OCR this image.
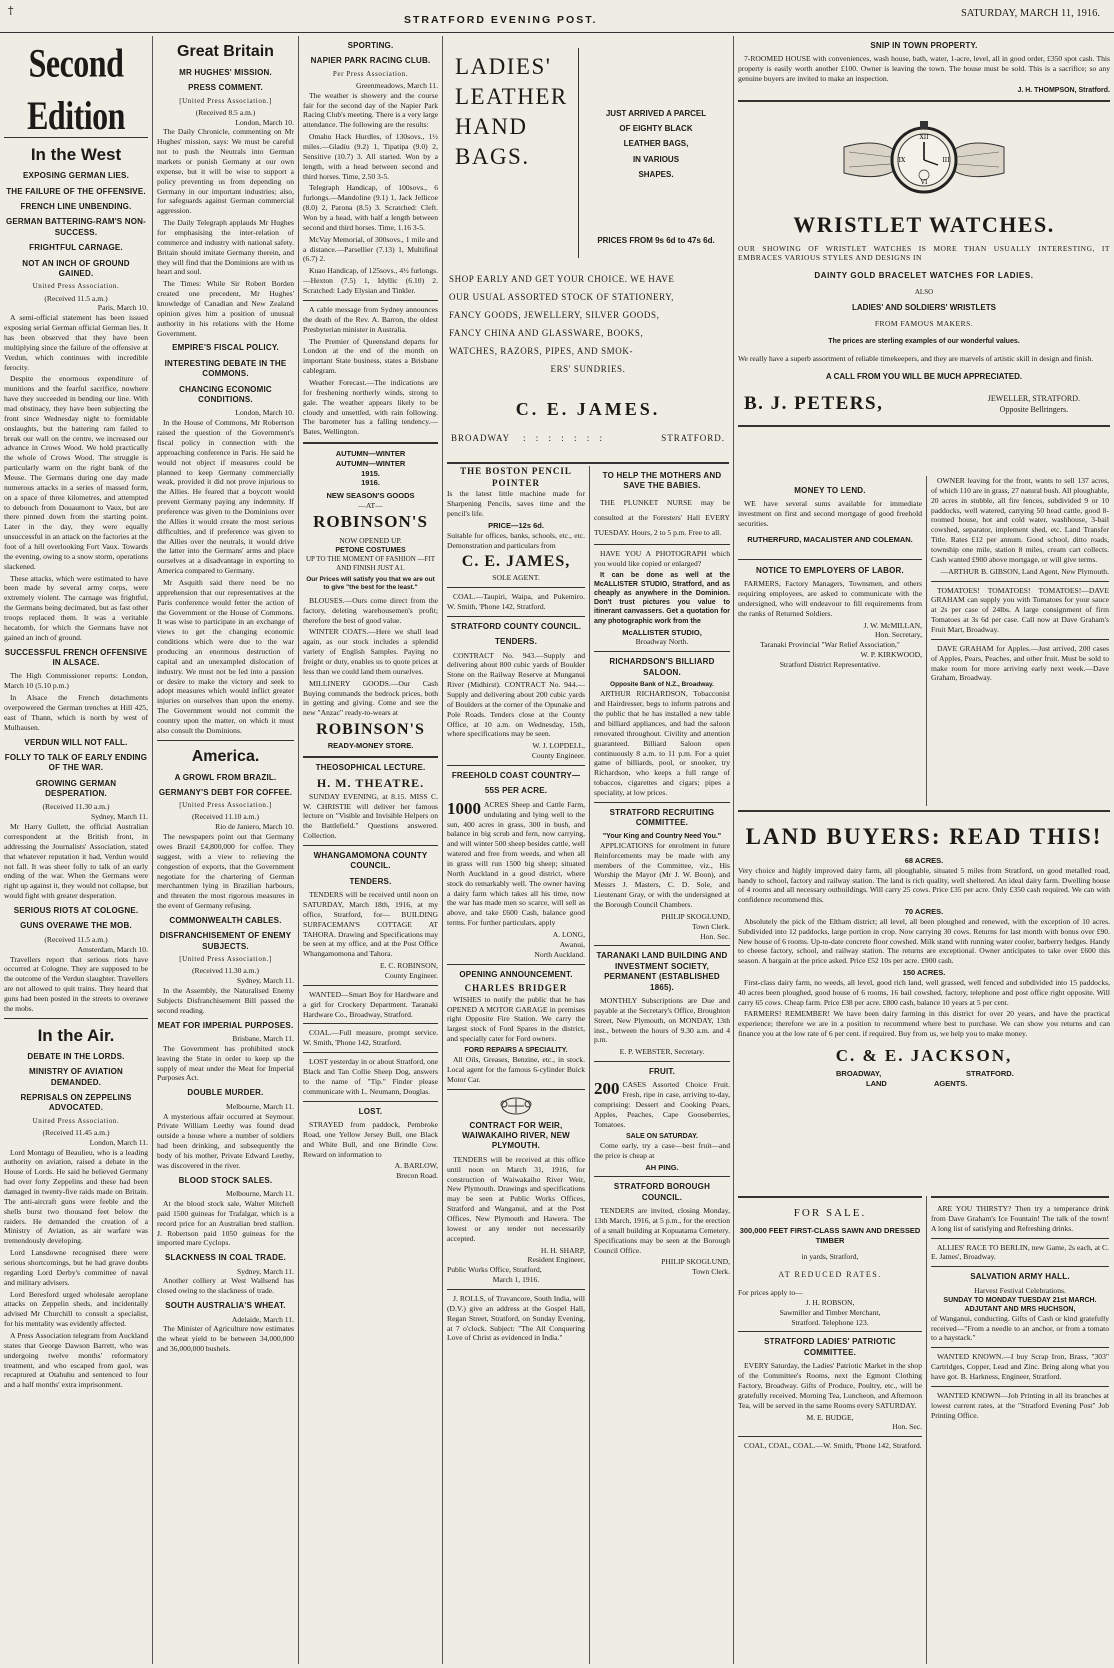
†
STRATFORD EVENING POST.
SATURDAY, MARCH 11, 1916.
Second Edition
In the West
EXPOSING GERMAN LIES.
THE FAILURE OF THE OFFENSIVE.
FRENCH LINE UNBENDING.
GERMAN BATTERING-RAM'S NON-SUCCESS.
FRIGHTFUL CARNAGE.
NOT AN INCH OF GROUND GAINED.
United Press Association.
(Received 11.5 a.m.)
Paris, March 10.

A semi-official statement has been issued exposing serial German official German lies. It has been observed that they have been multiplying since the failure of the offensive at Verdun, which continues with incredible ferocity.

Despite the enormous expenditure of munitions and the fearful sacrifice, nowhere have they succeeded in bending our line. With mad obstinacy, they have been subjecting the front since Wednesday night to formidable onslaughts, but the battering ram failed to break our wall on the centre, we increased our advance in Crows Wood. We hold practically the whole of Crows Wood. The struggle is particularly warm on the right bank of the Meuse. The Germans during one day made numerous attacks in a series of massed form, on a space of three kilometres, and attempted to debouch from Douaumont to Vaux, but are there pinned down from the starting point. Later in the day, they were equally unsuccessful in an attack on the factories at the foot of a hill overlooking Fort Vaux. Towards the evening, owing to a snow storm, operations slackened.

These attacks, which were estimated to have been made by several army corps, were extremely violent. The carnage was frightful, the Germans being decimated, but as fast other troops replaced them. It was a veritable hecatomb, for which the Germans have not gained an inch of ground.

SUCCESSFUL FRENCH OFFENSIVE IN ALSACE.

The High Commissioner reports: London, March 10 (5.10 p.m.)

In Alsace the French detachments overpowered the German trenches at Hill 425, east of Thann, which is north by west of Mulhausen.

VERDUN WILL NOT FALL.
FOLLY TO TALK OF EARLY ENDING OF THE WAR.
GROWING GERMAN DESPERATION.
(Received 11.30 a.m.)
Sydney, March 11.

Mr Harry Gullett, the official Australian correspondent at the British front, in addressing the Journalists' Association, stated that whatever reputation it had, Verdun would not fall. It was sheer folly to talk of an early ending of the war. When the Germans were right up against it, they would not collapse, but would fight with greater desperation.

SERIOUS RIOTS AT COLOGNE.
GUNS OVERAWE THE MOB.
(Received 11.5 a.m.)
Amsterdam, March 10.

Travellers report that serious riots have occurred at Cologne. They are supposed to be the outcome of the Verdun slaughter. Travellers are not allowed to quit trains. They heard that guns had been posted in the streets to overawe the mobs.

In the Air.
DEBATE IN THE LORDS.
MINISTRY OF AVIATION DEMANDED.
REPRISALS ON ZEPPELINS ADVOCATED.
United Press Association.
(Received 11.45 a.m.)
London, March 11.

Lord Montagu of Beaulieu, who is a leading authority on aviation, raised a debate in the House of Lords. He said he believed Germany had over forty Zeppelins and these had been damaged in twenty-five raids made on Britain. The anti-aircraft guns were feeble and the shells burst two thousand feet below the raiders. He demanded the creation of a Ministry of Aviation, as air warfare was tremendously developing.

Lord Lansdowne recognised there were serious shortcomings, but he had grave doubts regarding Lord Derby's committee of naval and military advisers.

Lord Beresford urged wholesale aeroplane attacks on Zeppelin sheds, and incidentally advised Mr Churchill to consult a specialist, for his mentality was evidently affected.

A Press Association telegram from Auckland states that George Dawson Barrett, who was undergoing twelve months' reformatory treatment, and who escaped from gaol, was recaptured at Otahuhu and sentenced to four and a half months' extra imprisonment.

Great Britain
MR HUGHES' MISSION.
PRESS COMMENT.
[United Press Association.]
(Received 8.5 a.m.)
London, March 10.

The Daily Chronicle, commenting on Mr Hughes' mission, says: We must be careful not to push the Neutrals into German markets or punish Germany at our own expense, but it will be wise to support a policy preventing us from depending on Germany in our important industries; also, for safeguards against German commercial aggression.

The Daily Telegraph applauds Mr Hughes for emphasising the inter-relation of commerce and industry with national safety. Britain should imitate Germany therein, and they will find that the Dominions are with us heart and soul.

The Times: While Sir Robert Borden created one precedent, Mr Hughes' knowledge of Canadian and New Zealand opinion gives him a position of unusual authority in his relations with the Home Government.

EMPIRE'S FISCAL POLICY.
INTERESTING DEBATE IN THE COMMONS.
CHANCING ECONOMIC CONDITIONS.
London, March 10.

In the House of Commons, Mr Robertson raised the question of the Government's fiscal policy in connection with the approaching conference in Paris. He said he would not object if measures could be planned to keep Germany commercially weak, provided it did not prove injurious to the Allies. He feared that a boycott would prevent Germany paying any indemnity. If preference was given to the Dominions over the Allies it would create the most serious difficulties, and if preference was given to the Allies over the neutrals, it would drive the latter into the Germans' arms and place ourselves at a disadvantage in exporting to America compared to Germany.

Mr Asquith said there need be no apprehension that our representatives at the Paris conference would fetter the action of the Government or the House of Commons. It was wise to participate in an exchange of views to get the changing economic conditions which were due to the war producing an enormous destruction of capital and an unexampled dislocation of industry. We must not be led into a passion or desire to make the victory and seek to adopt measures which would inflict greater injuries on ourselves than upon the enemy. The Government would not commit the country upon the matter, on which it must also consult the Dominions.

America.
A GROWL FROM BRAZIL.
GERMANY'S DEBT FOR COFFEE.
[United Press Association.]
(Received 11.10 a.m.)
Rio de Janiero, March 10.

The newspapers point out that Germany owes Brazil £4,800,000 for coffee. They suggest, with a view to relieving the congestion of exports, that the Government negotiate for the chartering of German merchantmen lying in Brazilian harbours, and threaten the most rigorous measures in the event of Germany refusing.

COMMONWEALTH CABLES.
DISFRANCHISEMENT OF ENEMY SUBJECTS.
[United Press Association.]
(Received 11.30 a.m.)
Sydney, March 11.

In the Assembly, the Naturalised Enemy Subjects Disfranchisement Bill passed the second reading.

MEAT FOR IMPERIAL PURPOSES.
Brisbane, March 11.

The Government has prohibited stock leaving the State in order to keep up the supply of meat under the Meat for Imperial Purposes Act.

DOUBLE MURDER.
Melbourne, March 11.

A mysterious affair occurred at Seymour. Private William Leethy was found dead outside a house where a number of soldiers had been drinking, and subsequently the body of his mother, Private Edward Leethy, was discovered in the river.

BLOOD STOCK SALES.
Melbourne, March 11.

At the blood stock sale, Walter Mitchell paid 1500 guineas for Trafalgar, which is a record price for an Australian bred stallion. J. Robertson paid 1050 guineas for the imported mare Cyclops.

SLACKNESS IN COAL TRADE.
Sydney, March 11.

Another colliery at West Wallsend has closed owing to the slackness of trade.

SOUTH AUSTRALIA'S WHEAT.
Adelaide, March 11.

The Minister of Agriculture now estimates the wheat yield to be between 34,000,000 and 36,000,000 bushels.

SPORTING.
NAPIER PARK RACING CLUB.
Per Press Association.
Greenmeadows, March 11.

The weather is showery and the course fair for the second day of the Napier Park Racing Club's meeting. There is a very large attendance. The following are the results:

Omahu Hack Hurdles, of 130sovs., 1½ miles.—Gladiu (9.2) 1, Tipatipa (9.0) 2, Sensitive (10.7) 3. All started. Won by a length, with a head between second and third horses. Time, 2.50 3-5.

Telegraph Handicap, of 100sovs., 6 furlongs.—Mandoline (9.1) 1, Jack Jellicoe (8.0) 2, Parona (8.5) 3. Scratched: Cleft. Won by a head, with half a length between second and third horses. Time, 1.16 3-5.

McVay Memorial, of 300sovs., 1 mile and a distance.—Parsellier (7.13) 1, Multifinal (6.7) 2.

Kuao Handicap, of 125sovs., 4½ furlongs.—Hexton (7.5) 1, Idyllic (6.10) 2. Scratched: Lady Elysian and Tinkler.

A cable message from Sydney announces the death of the Rev. A. Barron, the oldest Presbyterian minister in Australia.

The Premier of Queensland departs for London at the end of the month on important State business, states a Brisbane cablegram.

Weather Forecast.—The indications are for freshening northerly winds, strong to gale. The weather appears likely to be cloudy and unsettled, with rain following. The barometer has a falling tendency.—Bates, Wellington.

AUTUMN—WINTER
AUTUMN—WINTER
1915.
1916.
NEW SEASON'S GOODS
—AT—
ROBINSON'S
NOW OPENED UP.
PETONE COSTUMES
UP TO THE MOMENT OF FASHION —FIT AND FINISH JUST A1.
Our Prices will satisfy you that we are out to give "the best for the least."

BLOUSES.—Ours come direct from the factory, deleting warehousemen's profit; therefore the best of good value.

WINTER COATS.—Here we shall lead again, as our stock includes a splendid variety of English Samples. Paying no freight or duty, enables us to quote prices at less than we could land them ourselves.

MILLINERY GOODS.—Our Cash Buying commands the bedrock prices, both in getting and giving. Come and see the new "Anzac" ready-to-wears at

ROBINSON'S
READY-MONEY STORE.
THEOSOPHICAL LECTURE.
H. M. THEATRE.

SUNDAY EVENING, at 8.15. MISS C. W. CHRISTIE will deliver her famous lecture on "Visible and Invisible Helpers on the Battlefield." Questions answered. Collection.

WHANGAMOMONA COUNTY COUNCIL.
TENDERS.

TENDERS will be received until noon on SATURDAY, March 18th, 1916, at my office, Stratford, for— BUILDING SURFACEMAN'S COTTAGE AT TAHORA. Drawing and Specifications may be seen at my office, and at the Post Office Whangamomona and Tahora.

E. C. ROBINSON,
County Engineer.

WANTED—Smart Boy for Hardware and a girl for Crockery Department. Taranaki Hardware Co., Broadway, Stratford.

COAL.—Full measure, prompt service. W. Smith, 'Phone 142, Stratford.

LOST yesterday in or about Stratford, one Black and Tan Collie Sheep Dog, answers to the name of "Tip." Finder please communicate with L. Neumann, Douglas.

LOST.

STRAYED from paddock, Pembroke Road, one Yellow Jersey Bull, one Black and White Bull, and one Brindle Cow. Reward on information to

A. BARLOW,
Brecon Road.
LADIES'
LEATHER
HAND
BAGS.
JUST ARRIVED A PARCEL
OF EIGHTY BLACK
LEATHER BAGS,
IN VARIOUS
SHAPES.
PRICES FROM 9s 6d to 47s 6d.
SHOP EARLY AND GET YOUR CHOICE. WE HAVE
OUR USUAL ASSORTED STOCK OF STATIONERY,
FANCY GOODS, JEWELLERY, SILVER GOODS,
FANCY CHINA AND GLASSWARE, BOOKS,
WATCHES, RAZORS, PIPES, AND SMOK-
ERS' SUNDRIES.
C. E. JAMES.
BROADWAY : : : : : : :	STRATFORD.
THE BOSTON PENCIL
POINTER

Is the latest little machine made for Sharpening Pencils, saves time and the pencil's life.

PRICE—12s 6d.

Suitable for offices, banks, schools, etc., etc. Demonstration and particulars from

C. E. JAMES,
SOLE AGENT.

COAL.—Taupiri, Waipa, and Pukemiro. W. Smith, 'Phone 142, Stratford.

STRATFORD COUNTY COUNCIL.
TENDERS.

CONTRACT No. 943.—Supply and delivering about 800 cubic yards of Boulder Stone on the Railway Reserve at Munganui River (Midhirst). CONTRACT No. 944.—Supply and delivering about 200 cubic yards of Boulders at the corner of the Opunake and Pole Roads. Tenders close at the County Office, at 10 a.m. on Wednesday, 15th, where specifications may be seen.

W. J. LOPDELL,
County Engineer.
FREEHOLD COAST COUNTRY—
55S PER ACRE.

1000 ACRES Sheep and Cattle Farm, undulating and lying well to the sun, 400 acres in grass, 300 in bush, and balance in big scrub and fern, now carrying, and will winter 500 sheep besides cattle, well watered and free from weeds, and when all in grass will run 1500 big sheep; situated North Auckland in a good district, where stock do remarkably well. The owner having a dairy farm which takes all his time, now the war has made men so scarce, will sell as above, and take £600 Cash, balance good terms. For further particulars, apply

A. LONG,
Awanui,
North Auckland.
OPENING ANNOUNCEMENT.
CHARLES BRIDGER

WISHES to notify the public that he has OPENED A MOTOR GARAGE in premises right Opposite Fire Station. We carry the largest stock of Ford Spares in the district, and specially cater for Ford owners.

FORD REPAIRS A SPECIALITY.

All Oils, Greases, Benzine, etc., in stock. Local agent for the famous 6-cylinder Buick Motor Car.

CONTRACT FOR WEIR, WAIWAKAIHO RIVER, NEW PLYMOUTH.

TENDERS will be received at this office until noon on March 31, 1916, for construction of Waiwakaiho River Weir, New Plymouth. Drawings and specifications may be seen at Public Works Offices, Stratford and Wanganui, and at the Post Offices, New Plymouth and Hawera. The lowest or any tender not necessarily accepted.

H. H. SHARP,
Resident Engineer,
Public Works Office, Stratford,
March 1, 1916.

J. ROLLS, of Travancore, South India, will (D.V.) give an address at the Gospel Hall, Regan Street, Stratford, on Sunday Evening, at 7 o'clock. Subject: "The All Conquering Love of Christ as evidenced in India."

TO HELP THE MOTHERS AND SAVE THE BABIES.

THE PLUNKET NURSE may be consulted at the Foresters' Hall EVERY TUESDAY. Hours, 2 to 5 p.m. Free to all.

HAVE YOU A PHOTOGRAPH which you would like copied or enlarged?

It can be done as well at the McALLISTER STUDIO, Stratford, and as cheaply as anywhere in the Dominion. Don't trust pictures you value to itinerant canvassers. Get a quotation for any photographic work from the

McALLISTER STUDIO,
Broadway North.
RICHARDSON'S BILLIARD SALOON.
Opposite Bank of N.Z., Broadway.

ARTHUR RICHARDSON, Tobacconist and Hairdresser, begs to inform patrons and the public that he has installed a new table and billiard appliances, and had the saloon renovated throughout. Civility and attention guaranteed. Billiard Saloon open continuously 8 a.m. to 11 p.m. For a quiet game of billiards, pool, or snooker, try Richardson, who keeps a full range of tobaccos, cigarettes and cigars; pipes a speciality, at low prices.

STRATFORD RECRUITING COMMITTEE.
"Your King and Country Need You."

APPLICATIONS for enrolment in future Reinforcements may be made with any members of the Committee, viz., His Worship the Mayor (Mr J. W. Boon), and Messrs J. Masters, C. D. Sole, and Lieutenant Gray, or with the undersigned at the Borough Council Chambers.

PHILIP SKOGLUND,
Town Clerk.
Hon. Sec.
TARANAKI LAND BUILDING AND INVESTMENT SOCIETY, PERMANENT (ESTABLISHED 1865).

MONTHLY Subscriptions are Due and payable at the Secretary's Office, Broughton Street, New Plymouth, on MONDAY, 13th inst., between the hours of 9.30 a.m. and 4 p.m.

E. P. WEBSTER, Secretary.
FRUIT.

200 CASES Assorted Choice Fruit. Fresh, ripe in case, arriving to-day, comprising: Dessert and Cooking Pears, Apples, Peaches, Cape Gooseberries, Tomatoes.

SALE ON SATURDAY.

Come early, try a case—best fruit—and the price is cheap at

AH PING.
STRATFORD BOROUGH COUNCIL.

TENDERS are invited, closing Monday, 13th March, 1916, at 5 p.m., for the erection of a small building at Kopuatama Cemetery. Specifications may be seen at the Borough Council Office.

PHILIP SKOGLUND,
Town Clerk.
SNIP IN TOWN PROPERTY.

7-ROOMED HOUSE with conveniences, wash house, bath, water, 1-acre, level, all in good order, £350 spot cash. This property is easily worth another £100. Owner is leaving the town. The house must be sold. This is a sacrifice; so any genuine buyers are invited to make an inspection.

J. H. THOMPSON, Stratford.
XII
III
IX
VI
WRISTLET WATCHES.

OUR SHOWING OF WRISTLET WATCHES IS MORE THAN USUALLY INTERESTING, IT EMBRACES VARIOUS STYLES AND DESIGNS IN

DAINTY GOLD BRACELET WATCHES FOR LADIES.
ALSO
LADIES' AND SOLDIERS' WRISTLETS
FROM FAMOUS MAKERS.
The prices are sterling examples of our wonderful values.

We really have a superb assortment of reliable timekeepers, and they are marvels of artistic skill in design and finish.

A CALL FROM YOU WILL BE MUCH APPRECIATED.
B. J. PETERS,	JEWELLER, STRATFORD.
Opposite Bellringers.
MONEY TO LEND.

WE have several sums available for immediate investment on first and second mortgage of good freehold securities.

RUTHERFURD, MACALISTER AND COLEMAN.
NOTICE TO EMPLOYERS OF LABOR.

FARMERS, Factory Managers, Townsmen, and others requiring employees, are asked to communicate with the undersigned, who will endeavour to fill requirements from the ranks of Returned Soldiers.

J. W. McMILLAN,
Hon. Secretary,
Taranaki Provincial "War Relief Association,"
W. P. KIRKWOOD,
Stratford District Representative.

OWNER leaving for the front, wants to sell 137 acres, of which 110 are in grass, 27 natural bush. All ploughable, 20 acres in stubble, all fire fences, subdivided 9 or 10 paddocks, well watered, carrying 50 head cattle, good 8-roomed house, hot and cold water, washhouse, 3-bail cowshed, separator, implement shed, etc. Land Transfer Title. Rates £12 per annum. Good school, ditto roads, township one mile, station 8 miles, cream cart collects. Cash wanted £900 above mortgage, or will give terms.

—ARTHUR B. GIBSON, Land Agent, New Plymouth.

TOMATOES! TOMATOES! TOMATOES!—DAVE GRAHAM can supply you with Tomatoes for your sauce at 2s per case of 24lbs. A large consignment of firm Tomatoes at 3s 6d per case. Call now at Dave Graham's Fruit Mart, Broadway.

DAVE GRAHAM for Apples.—Just arrived, 200 cases of Apples, Pears, Peaches, and other fruit. Must be sold to make room for more arriving early next week.—Dave Graham, Broadway.

LAND BUYERS: READ THIS!
68 ACRES.

Very choice and highly improved dairy farm, all ploughable, situated 5 miles from Stratford, on good metalled road, handy to school, factory and railway station. The land is rich quality, well sheltered. An ideal dairy farm. Dwelling house of 4 rooms and all necessary outbuildings. Will carry 25 cows. Price £35 per acre. Only £350 cash required. We can with confidence recommend this.

70 ACRES.

Absolutely the pick of the Eltham district; all level, all been ploughed and renewed, with the exception of 10 acres. Subdivided into 12 paddocks, large portion in crop. Now carrying 30 cows. Returns for last month with bonus over £90. New house of 6 rooms. Up-to-date concrete floor cowshed. Milk stand with running water cooler, barberry hedges. Handy to cheese factory, school, and railway station. The returns are exceptional. Owner anticipates to take over £600 this season. A bargain at the price asked. Price £52 10s per acre. £900 cash.

150 ACRES.

First-class dairy farm, no weeds, all level, good rich land, well grassed, well fenced and subdivided into 15 paddocks, 40 acres been ploughed, good house of 6 rooms, 16 bail cowshed, factory, telephone and post office right opposite. Will carry 65 cows. Cheap farm. Price £38 per acre. £800 cash, balance 10 years at 5 per cent.

FARMERS! REMEMBER! We have been dairy farming in this district for over 20 years, and have the practical experience; therefore we are in a position to recommend where best to purchase. We can show you returns and can finance you at the low rate of 6 per cent. if required. Buy from us, we help you to make money.

C. & E. JACKSON,
BROADWAY,	STRATFORD.
LAND	AGENTS.
FOR SALE.
300,000 FEET FIRST-CLASS SAWN AND DRESSED TIMBER
in yards, Stratford,
AT REDUCED RATES.
For prices apply to—
J. H. ROBSON,
Sawmiller and Timber Merchant,
Stratford. Telephone 123.
STRATFORD LADIES' PATRIOTIC COMMITTEE.

EVERY Saturday, the Ladies' Patriotic Market in the shop of the Committee's Rooms, next the Egmont Clothing Factory, Broadway. Gifts of Produce, Poultry, etc., will be gratefully received. Morning Tea, Luncheon, and Afternoon Tea, will be served in the same Rooms every SATURDAY.

M. E. BUDGE,
Hon. Sec.

COAL, COAL, COAL.—W. Smith, 'Phone 142, Stratford.

ARE YOU THIRSTY? Then try a temperance drink from Dave Graham's Ice Fountain! The talk of the town! A long list of satisfying and Refreshing drinks.

ALLIES' RACE TO BERLIN, new Game, 2s each, at C. E. James', Broadway.

SALVATION ARMY HALL.
Harvest Festival Celebrations.
SUNDAY TO MONDAY TUESDAY 21st MARCH.
ADJUTANT AND MRS HUCHSON,

of Wanganui, conducting. Gifts of Cash or kind gratefully received—"From a needle to an anchor, or from a tomato to a haystack."

WANTED KNOWN.—I buy Scrap Iron, Brass, "303" Cartridges, Copper, Lead and Zinc. Bring along what you have got. B. Harkness, Engineer, Stratford.

WANTED KNOWN—Job Printing in all its branches at lowest current rates, at the "Stratford Evening Post" Job Printing Office.
